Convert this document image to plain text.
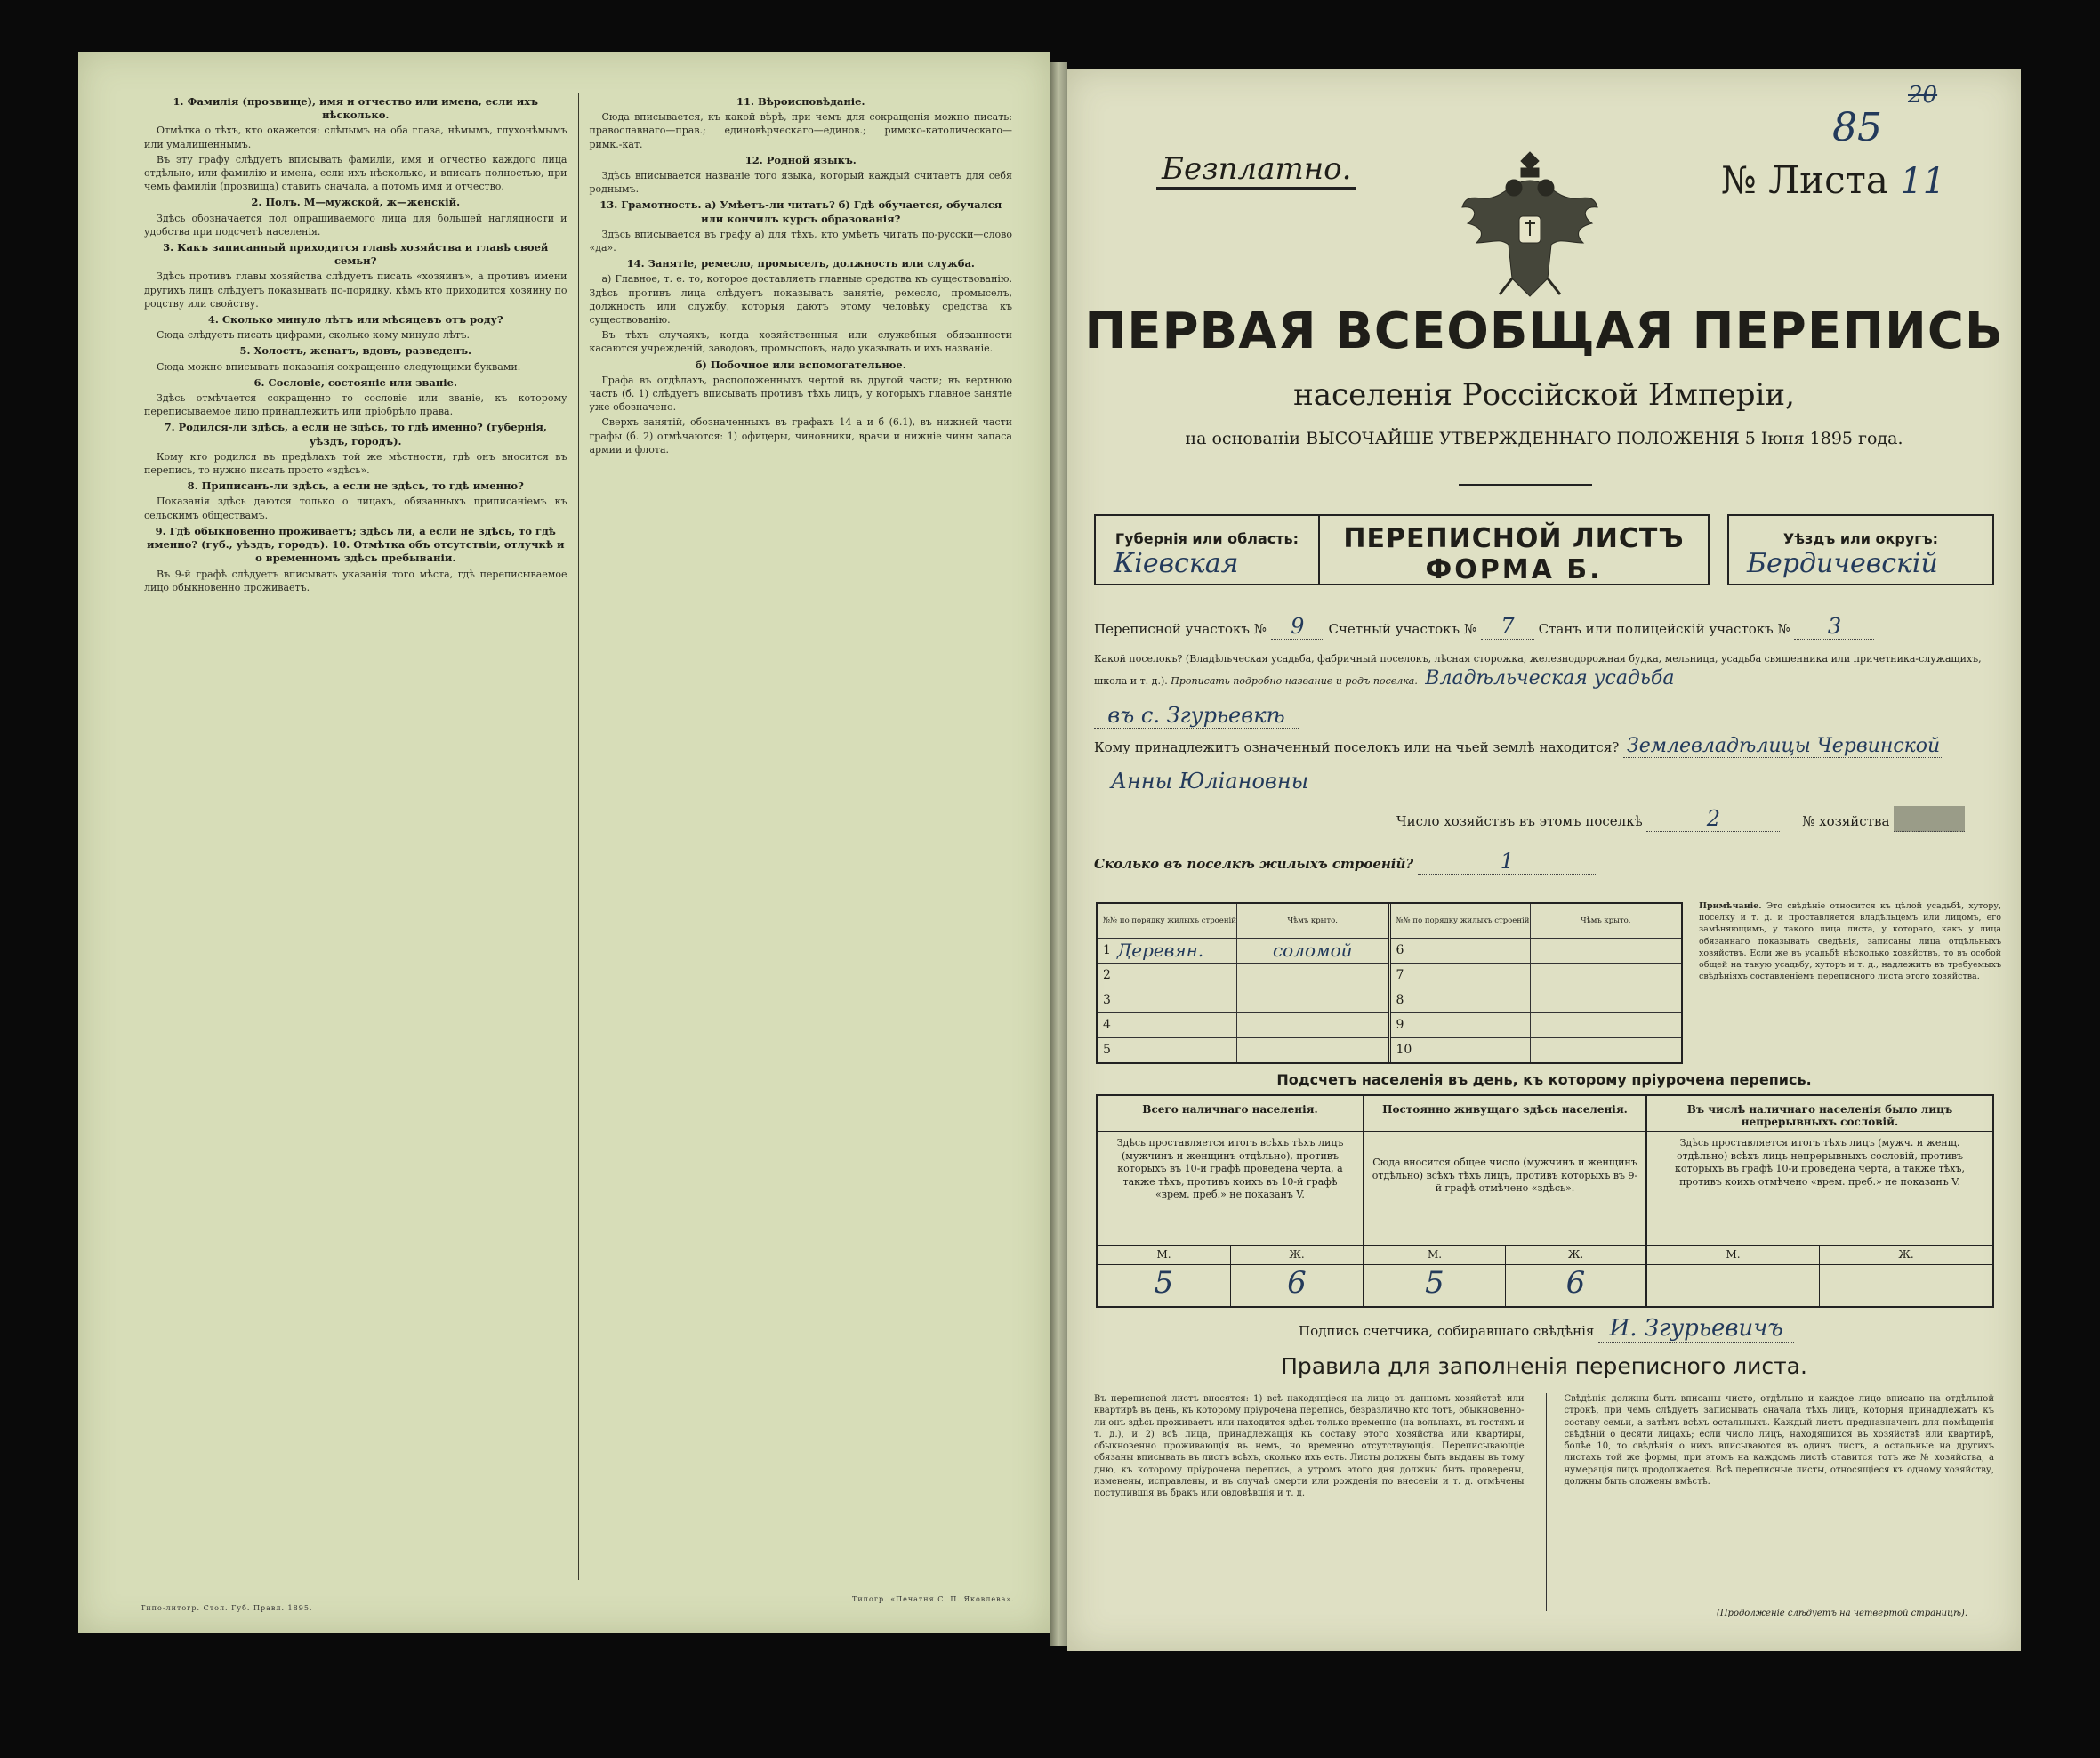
1. Фамилія (прозвище), имя и отчество или имена, если ихъ нѣсколько.
Отмѣтка о тѣхъ, кто окажется: слѣпымъ на оба глаза, нѣмымъ, глухонѣмымъ или умалишеннымъ.
Въ эту графу слѣдуетъ вписывать фамиліи, имя и отчество каждого лица отдѣльно, или фамилію и имена, если ихъ нѣсколько, и вписать полностью, при чемъ фамиліи (прозвища) ставить сначала, а потомъ имя и отчество.
2. Полъ. М—мужской, ж—женскій.
Здѣсь обозначается пол опрашиваемого лица для большей наглядности и удобства при подсчетѣ населенія.
3. Какъ записанный приходится главѣ хозяйства и главѣ своей семьи?
Здѣсь противъ главы хозяйства слѣдуетъ писать «хозяинъ», а противъ имени другихъ лицъ слѣдуетъ показывать по-порядку, кѣмъ кто приходится хозяину по родству или свойству.
4. Сколько минуло лѣтъ или мѣсяцевъ отъ роду?
Сюда слѣдуетъ писать цифрами, сколько кому минуло лѣтъ.
5. Холостъ, женатъ, вдовъ, разведенъ.
Сюда можно вписывать показанія сокращенно следующими буквами.
6. Сословіе, состояніе или званіе.
Здѣсь отмѣчается сокращенно то сословіе или званіе, къ которому переписываемое лицо принадлежитъ или пріобрѣло права.
7. Родился-ли здѣсь, а если не здѣсь, то гдѣ именно? (губернія, уѣздъ, городъ).
Кому кто родился въ предѣлахъ той же мѣстности, гдѣ онъ вносится въ перепись, то нужно писать просто «здѣсь».
8. Приписанъ-ли здѣсь, а если не здѣсь, то гдѣ именно?
Показанія здѣсь даются только о лицахъ, обязанныхъ приписаніемъ къ сельскимъ обществамъ.
9. Гдѣ обыкновенно проживаетъ; здѣсь ли, а если не здѣсь, то гдѣ именно? (губ., уѣздъ, городъ). 10. Отмѣтка объ отсутствіи, отлучкѣ и о временномъ здѣсь пребываніи.
Въ 9-й графѣ слѣдуетъ вписывать указанія того мѣста, гдѣ переписываемое лицо обыкновенно проживаетъ.
11. Вѣроисповѣданіе.
Сюда вписывается, къ какой вѣрѣ, при чемъ для сокращенія можно писать: православнаго—прав.; единовѣрческаго—единов.; римско-католическаго—римк.-кат.
12. Родной языкъ.
Здѣсь вписывается названіе того языка, который каждый считаетъ для себя роднымъ.
13. Грамотность. а) Умѣетъ-ли читать? б) Гдѣ обучается, обучался или кончилъ курсъ образованія?
Здѣсь вписывается въ графу а) для тѣхъ, кто умѣетъ читать по-русски—слово «да».
14. Занятіе, ремесло, промыселъ, должность или служба.
а) Главное, т. е. то, которое доставляетъ главные средства къ существованію. Здѣсь противъ лица слѣдуетъ показывать занятіе, ремесло, промыселъ, должность или службу, которыя даютъ этому человѣку средства къ существованію.
Въ тѣхъ случаяхъ, когда хозяйственныя или служебныя обязанности касаются учрежденій, заводовъ, промысловъ, надо указывать и ихъ названіе.
б) Побочное или вспомогательное.
Графа въ отдѣлахъ, расположенныхъ чертой въ другой части; въ верхнюю часть (б. 1) слѣдуетъ вписывать противъ тѣхъ лицъ, у которыхъ главное занятіе уже обозначено.
Сверхъ занятій, обозначенныхъ въ графахъ 14 а и б (6.1), въ нижней части графы (б. 2) отмѣчаются: 1) офицеры, чиновники, врачи и нижніе чины запаса армии и флота.
Типо-литогр. Стол. Губ. Правл. 1895.
Типогр. «Печатня С. П. Яковлева».
20
85
Безплатно.	№ Листа 11
ПЕРВАЯ ВСЕОБЩАЯ ПЕРЕПИСЬ
населенія Россійской Имперіи,
на основаніи ВЫСОЧАЙШЕ УТВЕРЖДЕННАГО ПОЛОЖЕНІЯ 5 Іюня 1895 года.
Губернія или область:
Кіевская
ПЕРЕПИСНОЙ ЛИСТЪ
ФОРМА Б.
Уѣздъ или округъ:
Бердичевскій
Переписной участокъ № 9 Счетный участокъ № 7 Станъ или полицейскій участокъ № 3
Какой поселокъ? (Владѣльческая усадьба, фабричный поселокъ, лѣсная сторожка, железнодорожная будка, мельница, усадьба священника или причетника-служащихъ, школа и т. д.). Прописать подробно название и родъ поселка. Владѣльческая усадьба
въ с. Згурьевкѣ
Кому принадлежитъ означенный поселокъ или на чьей землѣ находится? Землевладѣлицы Червинской
Анны Юліановны
Число хозяйствъ въ этомъ поселкѣ	2	№ хозяйства
Сколько въ поселкѣ жилыхъ строеній?	1
№№ по порядку жилыхъ строеній	Чѣмъ крыто.
1 Деревян.	соломой
2
3
4
5
№№ по порядку жилыхъ строеній	Чѣмъ крыто.
6
7
8
9
10
Примѣчаніе. Это свѣдѣніе относится къ цѣлой усадьбѣ, хутору, поселку и т. д. и проставляется владѣльцемъ или лицомъ, его замѣняющимъ, у такого лица листа, у котораго, какъ у лица обязаннаго показывать сведѣнія, записаны лица отдѣльныхъ хозяйствъ. Если же въ усадьбѣ нѣсколько хозяйствъ, то въ особой общей на такую усадьбу, хуторъ и т. д., надлежитъ въ требуемыхъ свѣдѣніяхъ составленіемъ переписного листа этого хозяйства.
Подсчетъ населенія въ день, къ которому пріурочена перепись.
Всего наличнаго населенія.	Постоянно живущаго здѣсь населенія.	Въ числѣ наличнаго населенія было лицъ непрерывныхъ сословій.
Здѣсь проставляется итогъ всѣхъ тѣхъ лицъ (мужчинъ и женщинъ отдѣльно), противъ которыхъ въ 10-й графѣ проведена черта, а также тѣхъ, противъ коихъ въ 10-й графѣ «врем. преб.» не показанъ V.
Сюда вносится общее число (мужчинъ и женщинъ отдѣльно) всѣхъ тѣхъ лицъ, противъ которыхъ въ 9-й графѣ отмѣчено «здѣсь».
Здѣсь проставляется итогъ тѣхъ лицъ (мужч. и женщ. отдѣльно) всѣхъ лицъ непрерывныхъ сословій, противъ которыхъ въ графѣ 10-й проведена черта, а также тѣхъ, противъ коихъ отмѣчено «врем. преб.» не показанъ V.
М.	Ж.	М.	Ж.	М.	Ж.
5	6	5	6
Подпись счетчика, собиравшаго свѣдѣнія И. Згурьевичъ
Правила для заполненія переписного листа.
Въ переписной листъ вносятся: 1) всѣ находящіеся на лицо въ данномъ хозяйствѣ или квартирѣ въ день, къ которому пріурочена перепись, безразлично кто тотъ, обыкновенно-ли онъ здѣсь проживаетъ или находится здѣсь только временно (на вольнахъ, въ гостяхъ и т. д.), и 2) всѣ лица, принадлежащія къ составу этого хозяйства или квартиры, обыкновенно проживающія въ немъ, но временно отсутствующія. Переписывающіе обязаны вписывать въ листъ всѣхъ, сколько ихъ есть. Листы должны быть выданы въ тому дню, къ которому пріурочена перепись, а утромъ этого дня должны быть проверены, изменены, исправлены, и въ случаѣ смерти или рожденія по внесеніи и т. д. отмѣчены поступившія въ бракъ или овдовѣвшія и т. д.
Свѣдѣнія должны быть вписаны чисто, отдѣльно и каждое лицо вписано на отдѣльной строкѣ, при чемъ слѣдуетъ записывать сначала тѣхъ лицъ, которыя принадлежатъ къ составу семьи, а затѣмъ всѣхъ остальныхъ. Каждый листъ предназначенъ для помѣщенія свѣдѣній о десяти лицахъ; если число лицъ, находящихся въ хозяйствѣ или квартирѣ, болѣе 10, то свѣдѣнія о нихъ вписываются въ одинъ листъ, а остальные на другихъ листахъ той же формы, при этомъ на каждомъ листѣ ставится тотъ же № хозяйства, а нумерація лицъ продолжается. Всѣ переписные листы, относящіеся къ одному хозяйству, должны быть сложены вмѣстѣ.
(Продолженіе слѣдуетъ на четвертой страницѣ).
